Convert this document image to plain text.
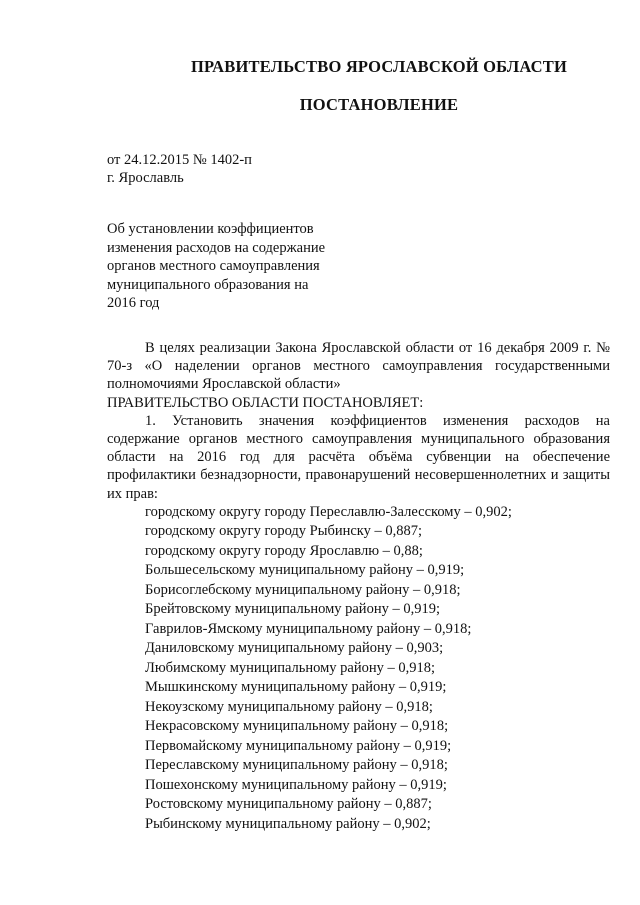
ПРАВИТЕЛЬСТВО ЯРОСЛАВСКОЙ ОБЛАСТИ
ПОСТАНОВЛЕНИЕ
от 24.12.2015 № 1402-п
г. Ярославль
Об установлении коэффициентов
изменения расходов на содержание
органов местного самоуправления
муниципального образования на
2016 год

В целях реализации Закона Ярославской области от 16 декабря 2009 г. № 70-з «О наделении органов местного самоуправления государственными полномочиями Ярославской области»

ПРАВИТЕЛЬСТВО ОБЛАСТИ ПОСТАНОВЛЯЕТ:

1. Установить значения коэффициентов изменения расходов на содержание органов местного самоуправления муниципального образования области на 2016 год для расчёта объёма субвенции на обеспечение профилактики безнадзорности, правонарушений несовершеннолетних и защиты их прав:

городскому округу городу Переславлю-Залесскому – 0,902;
городскому округу городу Рыбинску – 0,887;
городскому округу городу Ярославлю – 0,88;
Большесельскому муниципальному району – 0,919;
Борисоглебскому муниципальному району – 0,918;
Брейтовскому муниципальному району – 0,919;
Гаврилов-Ямскому муниципальному району – 0,918;
Даниловскому муниципальному району – 0,903;
Любимскому муниципальному району – 0,918;
Мышкинскому муниципальному району – 0,919;
Некоузскому муниципальному району – 0,918;
Некрасовскому муниципальному району – 0,918;
Первомайскому муниципальному району – 0,919;
Переславскому муниципальному району – 0,918;
Пошехонскому муниципальному району – 0,919;
Ростовскому муниципальному району – 0,887;
Рыбинскому муниципальному району – 0,902;
